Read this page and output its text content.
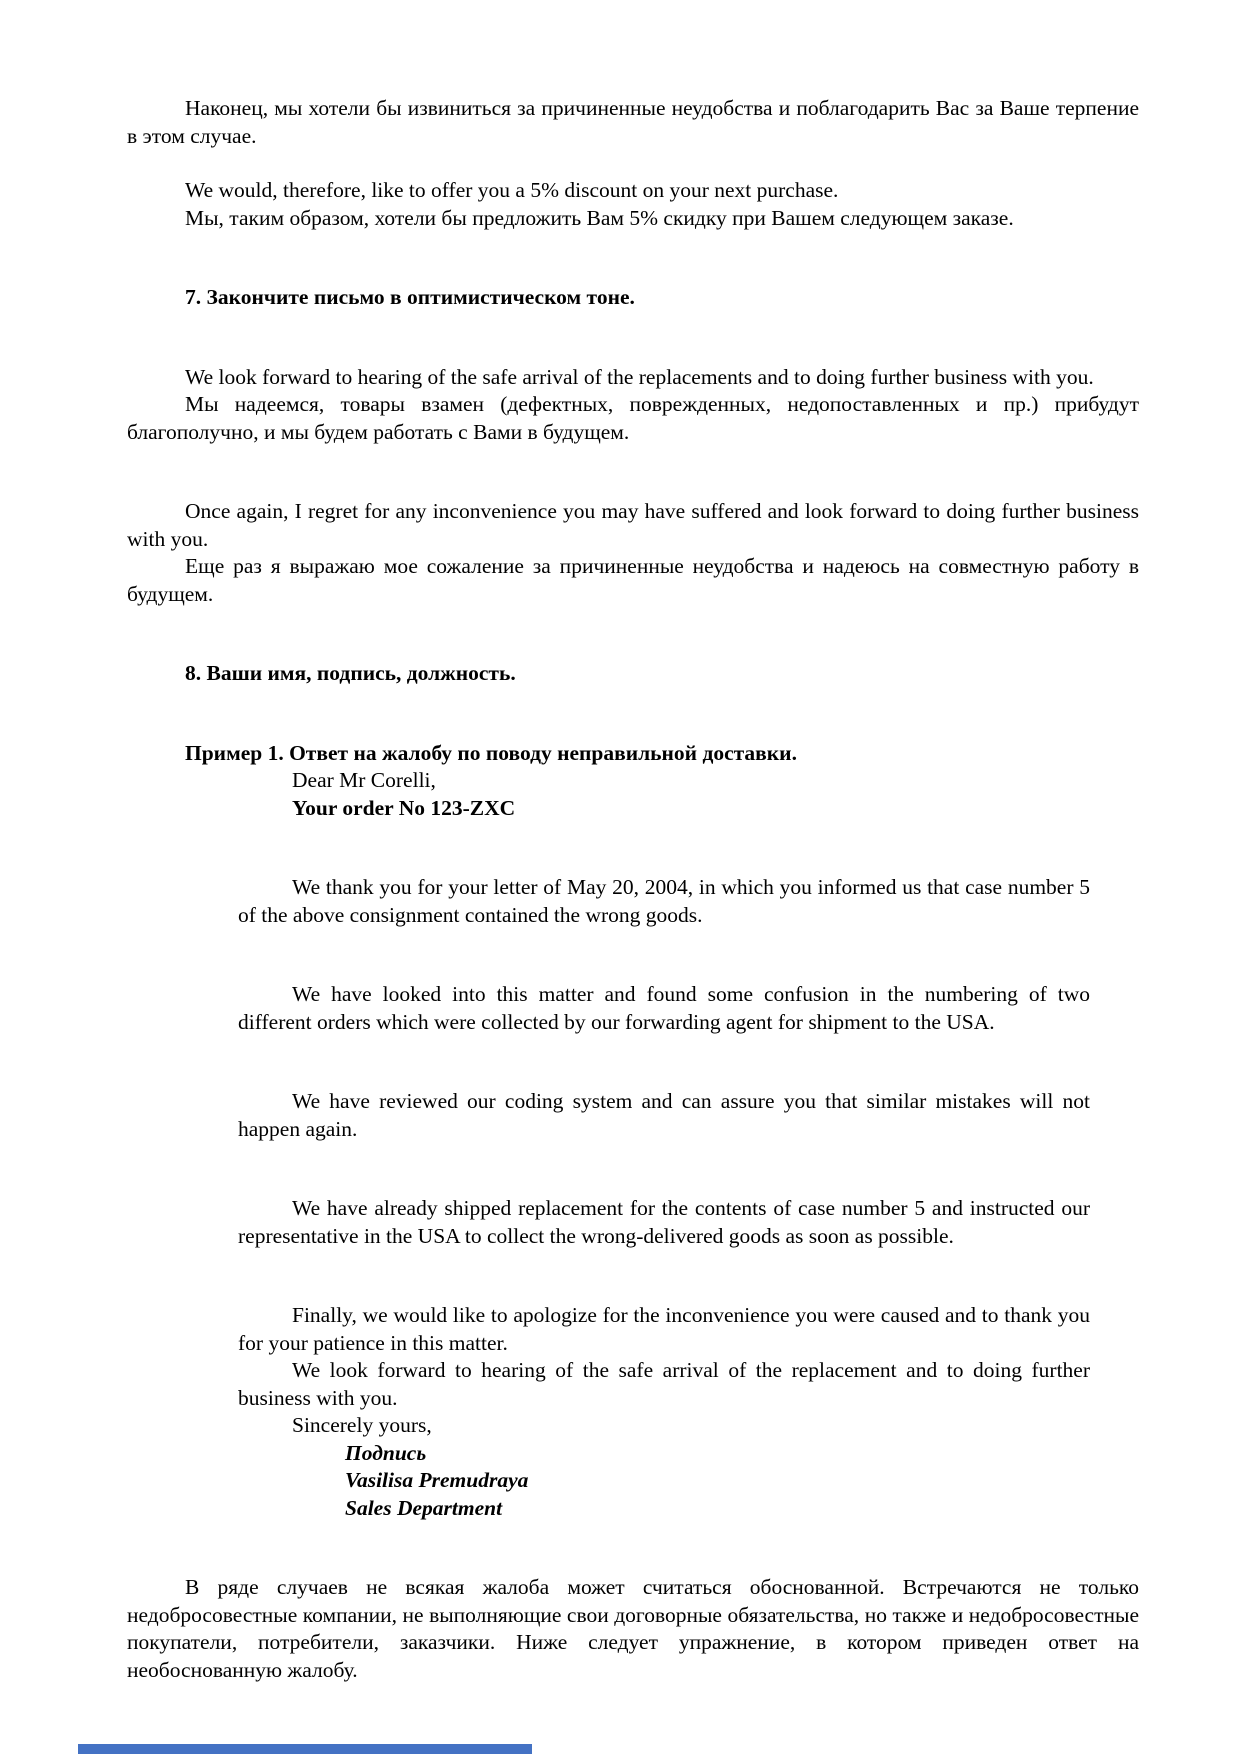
Наконец, мы хотели бы извиниться за причиненные неудобства и поблагодарить Вас за Ваше терпение в этом случае.

We would, therefore, like to offer you a 5% discount on your next purchase.

Мы, таким образом, хотели бы предложить Вам 5% скидку при Вашем следующем заказе.

7. Закончите письмо в оптимистическом тоне.

We look forward to hearing of the safe arrival of the replacements and to doing further business with you.

Мы надеемся, товары взамен (дефектных, поврежденных, недопоставленных и пр.) прибудут благополучно, и мы будем работать с Вами в будущем.

Once again, I regret for any inconvenience you may have suffered and look forward to doing further business with you.

Еще раз я выражаю мое сожаление за причиненные неудобства и надеюсь на совместную работу в будущем.

8. Ваши имя, подпись, должность.

Пример 1. Ответ на жалобу по поводу неправильной доставки.

Dear Mr Corelli,

Your order No 123-ZXC

We thank you for your letter of May 20, 2004, in which you informed us that case number 5 of the above consignment contained the wrong goods.

We have looked into this matter and found some confusion in the numbering of two different orders which were collected by our forwarding agent for shipment to the USA.

We have reviewed our coding system and can assure you that similar mistakes will not happen again.

We have already shipped replacement for the contents of case number 5 and instructed our representative in the USA to collect the wrong-delivered goods as soon as possible.

Finally, we would like to apologize for the inconvenience you were caused and to thank you for your patience in this matter.

We look forward to hearing of the safe arrival of the replacement and to doing further business with you.

Sincerely yours,

Подпись

Vasilisa Premudraya

Sales Department

В ряде случаев не всякая жалоба может считаться обоснованной. Встречаются не только недобросовестные компании, не выполняющие свои договорные обязательства, но также и недобросовестные покупатели, потребители, заказчики. Ниже следует упражнение, в котором приведен ответ на необоснованную жалобу.
